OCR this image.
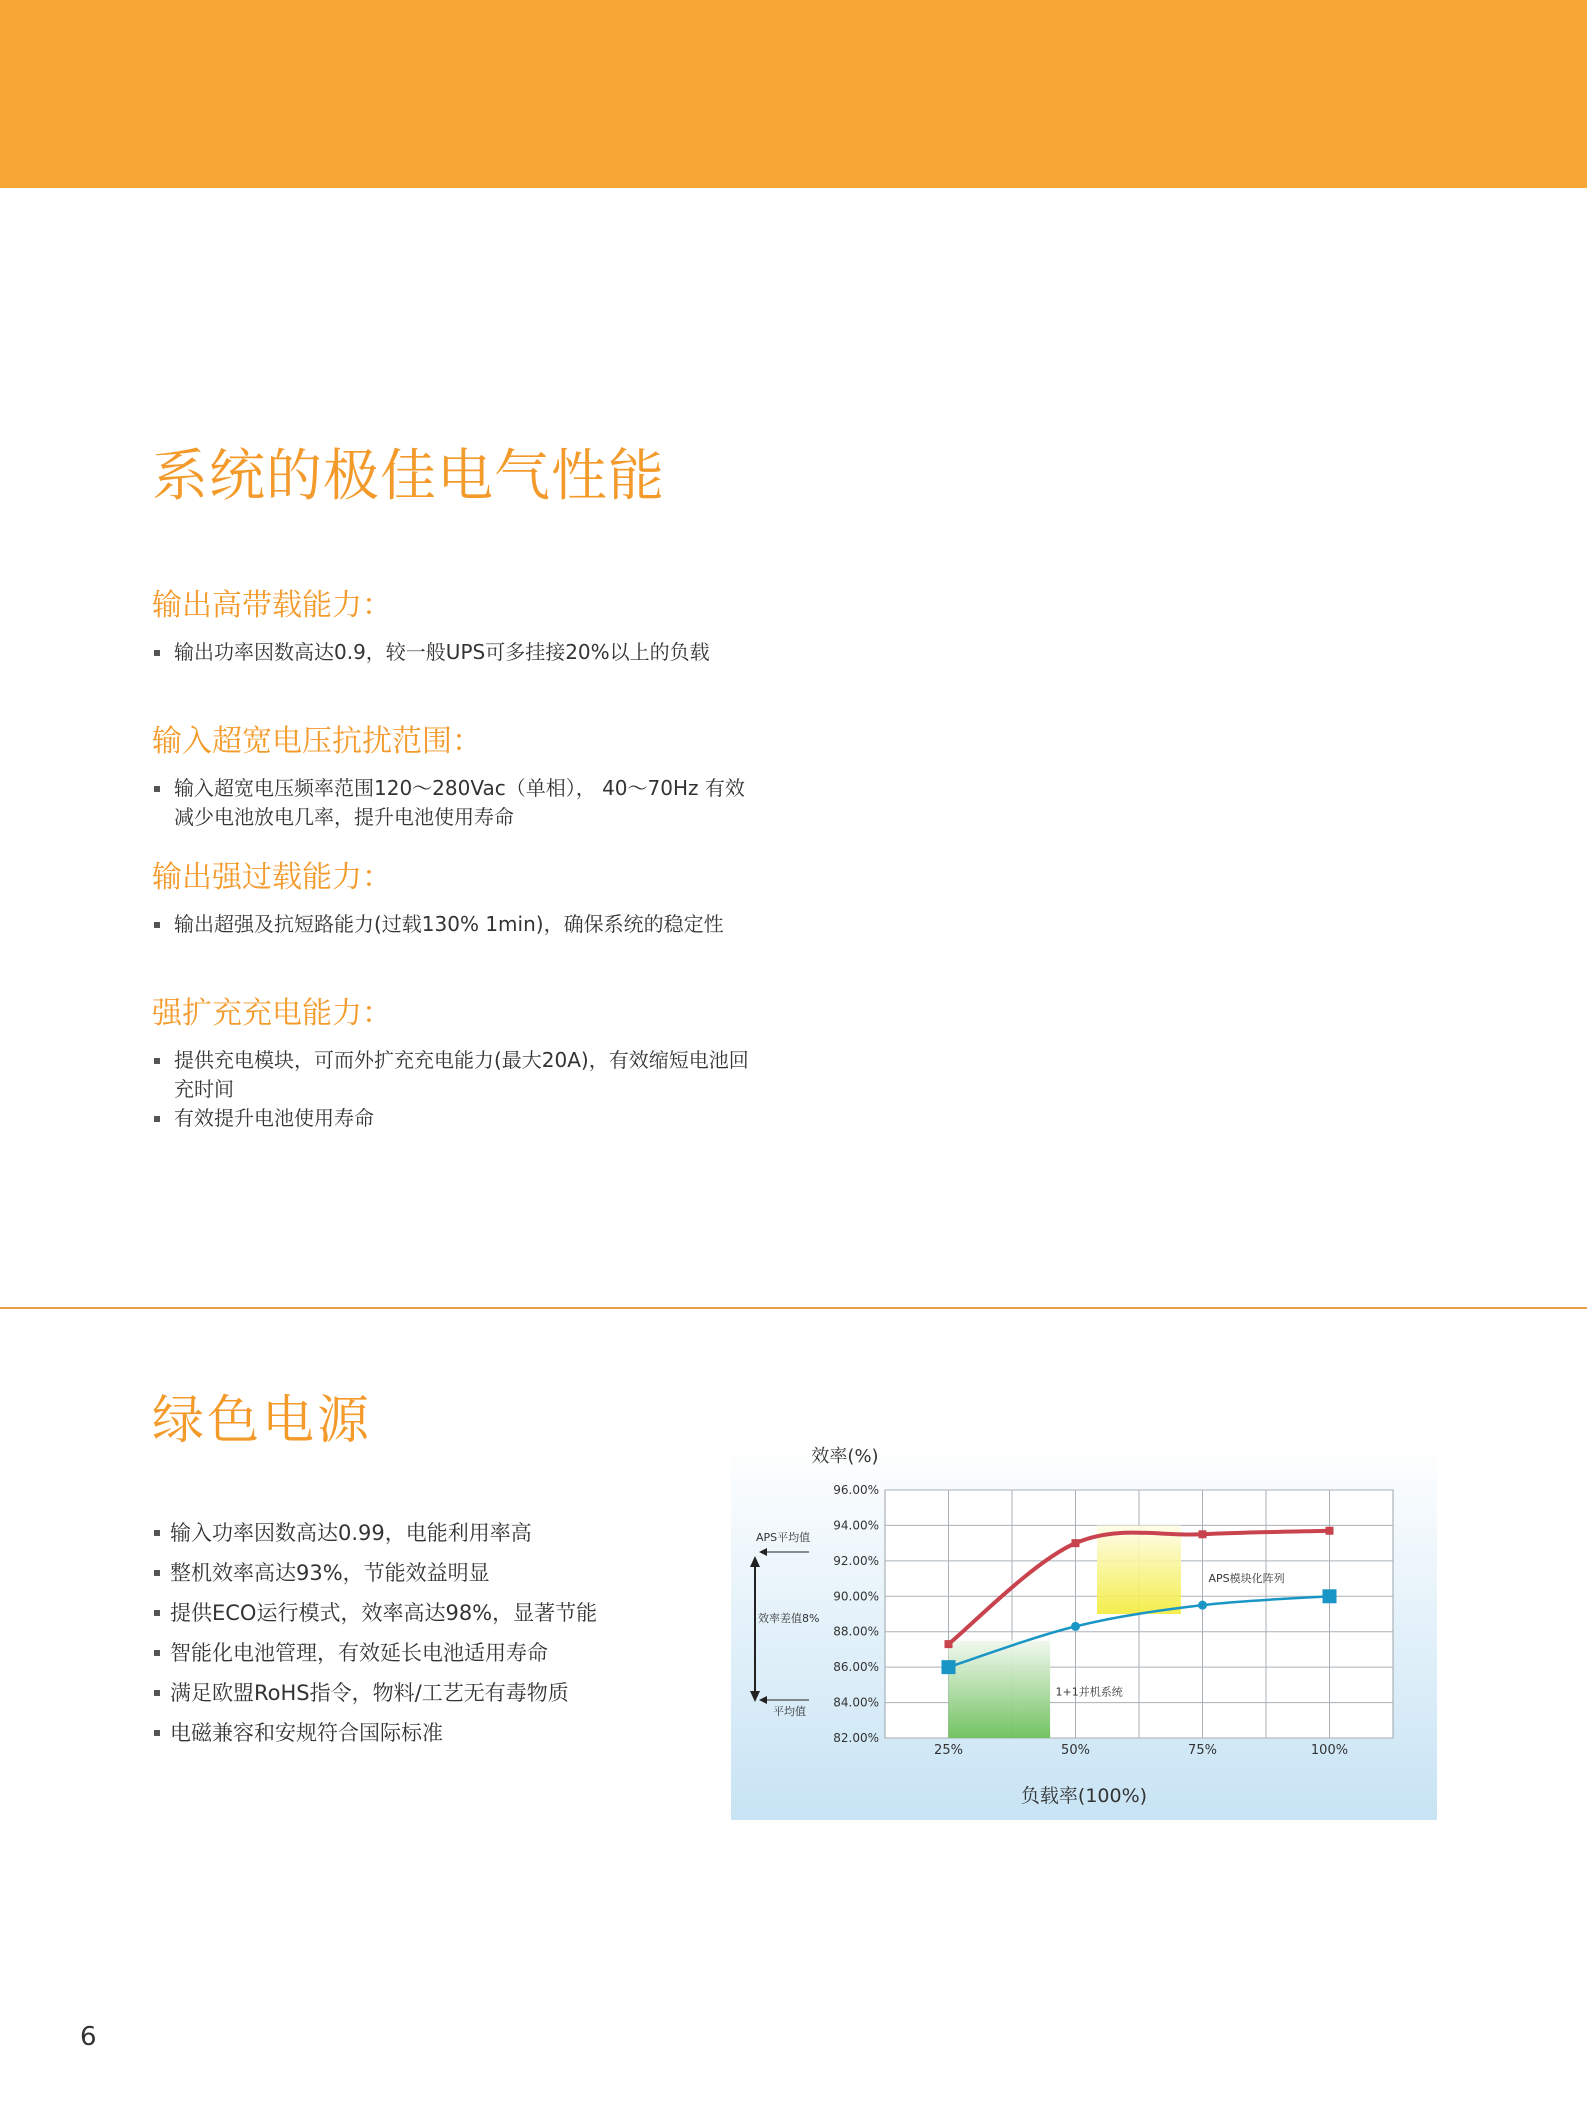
系统的极佳电气性能
输出高带载能力：
输出功率因数高达0.9，较一般UPS可多挂接20%以上的负载
输入超宽电压抗扰范围：
输入超宽电压频率范围120～280Vac（单相）， 40～70Hz 有效减少电池放电几率，提升电池使用寿命
输出强过载能力：
输出超强及抗短路能力(过载130% 1min)，确保系统的稳定性
强扩充充电能力：
提供充电模块，可而外扩充充电能力(最大20A)，有效缩短电池回充时间
有效提升电池使用寿命
绿色电源
输入功率因数高达0.99，电能利用率高
整机效率高达93%，节能效益明显
提供ECO运行模式，效率高达98%，显著节能
智能化电池管理，有效延长电池适用寿命
满足欧盟RoHS指令，物料/工艺无有毒物质
电磁兼容和安规符合国际标准
效率(%)
负载率(100%)
96.00%
94.00%
92.00%
90.00%
88.00%
86.00%
84.00%
82.00%
25%	50%	75%	100%
APS模块化阵列
1+1并机系统
APS平均值
效率差值8%
平均值
6
